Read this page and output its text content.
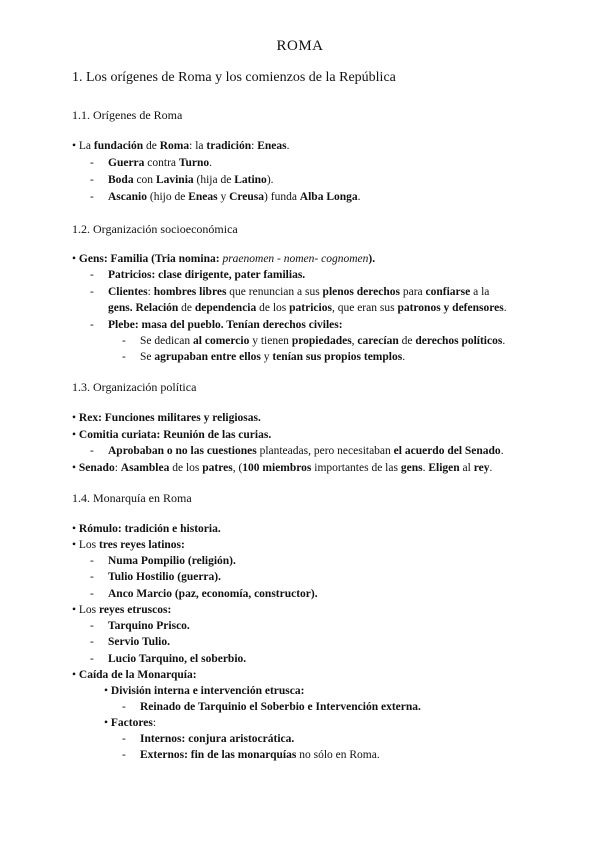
ROMA
1. Los orígenes de Roma y los comienzos de la República
1.1. Orígenes de Roma
• La fundación de Roma: la tradición: Eneas.
- Guerra contra Turno.
- Boda con Lavinia (hija de Latino).
- Ascanio (hijo de Eneas y Creusa) funda Alba Longa.
1.2. Organización socioeconómica
• Gens: Familia (Tria nomina: praenomen - nomen- cognomen).
- Patricios: clase dirigente, pater familias.
- Clientes: hombres libres que renuncian a sus plenos derechos para confiarse a la
gens. Relación de dependencia de los patricios, que eran sus patronos y defensores.
- Plebe: masa del pueblo. Tenían derechos civiles:
- Se dedican al comercio y tienen propiedades, carecían de derechos políticos.
- Se agrupaban entre ellos y tenían sus propios templos.
1.3. Organización política
• Rex: Funciones militares y religiosas.
• Comitia curiata: Reunión de las curias.
- Aprobaban o no las cuestiones planteadas, pero necesitaban el acuerdo del Senado.
• Senado: Asamblea de los patres, (100 miembros importantes de las gens. Eligen al rey.
1.4. Monarquía en Roma
• Rómulo: tradición e historia.
• Los tres reyes latinos:
- Numa Pompilio (religión).
- Tulio Hostilio (guerra).
- Anco Marcio (paz, economía, constructor).
• Los reyes etruscos:
- Tarquino Prisco.
- Servio Tulio.
- Lucio Tarquino, el soberbio.
• Caída de la Monarquía:
• División interna e intervención etrusca:
- Reinado de Tarquinio el Soberbio e Intervención externa.
• Factores:
- Internos: conjura aristocrática.
- Externos: fin de las monarquías no sólo en Roma.
